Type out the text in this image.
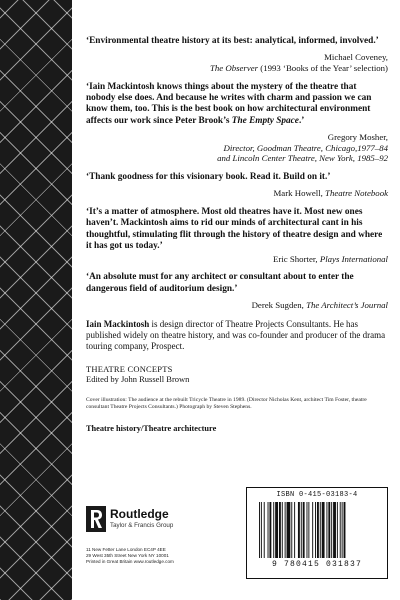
‘Environmental theatre history at its best: analytical, informed, involved.’

Michael Coveney,
The Observer (1993 ‘Books of the Year’ selection)

‘Iain Mackintosh knows things about the mystery of the theatre that nobody else does. And because he writes with charm and passion we can know them, too. This is the best book on how architectural environment affects our work since Peter Brook’s The Empty Space.’

Gregory Mosher,
Director, Goodman Theatre, Chicago,1977–84
and Lincoln Center Theatre, New York, 1985–92

‘Thank goodness for this visionary book. Read it. Build on it.’

Mark Howell, Theatre Notebook

‘It’s a matter of atmosphere. Most old theatres have it. Most new ones haven’t. Mackintosh aims to rid our minds of architectural cant in his thoughtful, stimulating flit through the history of theatre design and where it has got us today.’

Eric Shorter, Plays International

‘An absolute must for any architect or consultant about to enter the dangerous field of auditorium design.’

Derek Sugden, The Architect’s Journal

Iain Mackintosh is design director of Theatre Projects Consultants. He has published widely on theatre history, and was co-founder and producer of the drama touring company, Prospect.

THEATRE CONCEPTS
Edited by John Russell Brown

Cover illustration: The audience at the rebuilt Tricycle Theatre in 1989. (Director Nicholas Kent, architect Tim Foster, theatre consultant Theatre Projects Consultants.) Photograph by Steven Stephens.

Theatre history/Theatre architecture

Routledge
Taylor & Francis Group
11 New Fetter Lane London EC4P 4EE
29 West 35th Street New York NY 10001
Printed in Great Britain www.routledge.com
ISBN 0-415-03183-4
9 780415 031837
